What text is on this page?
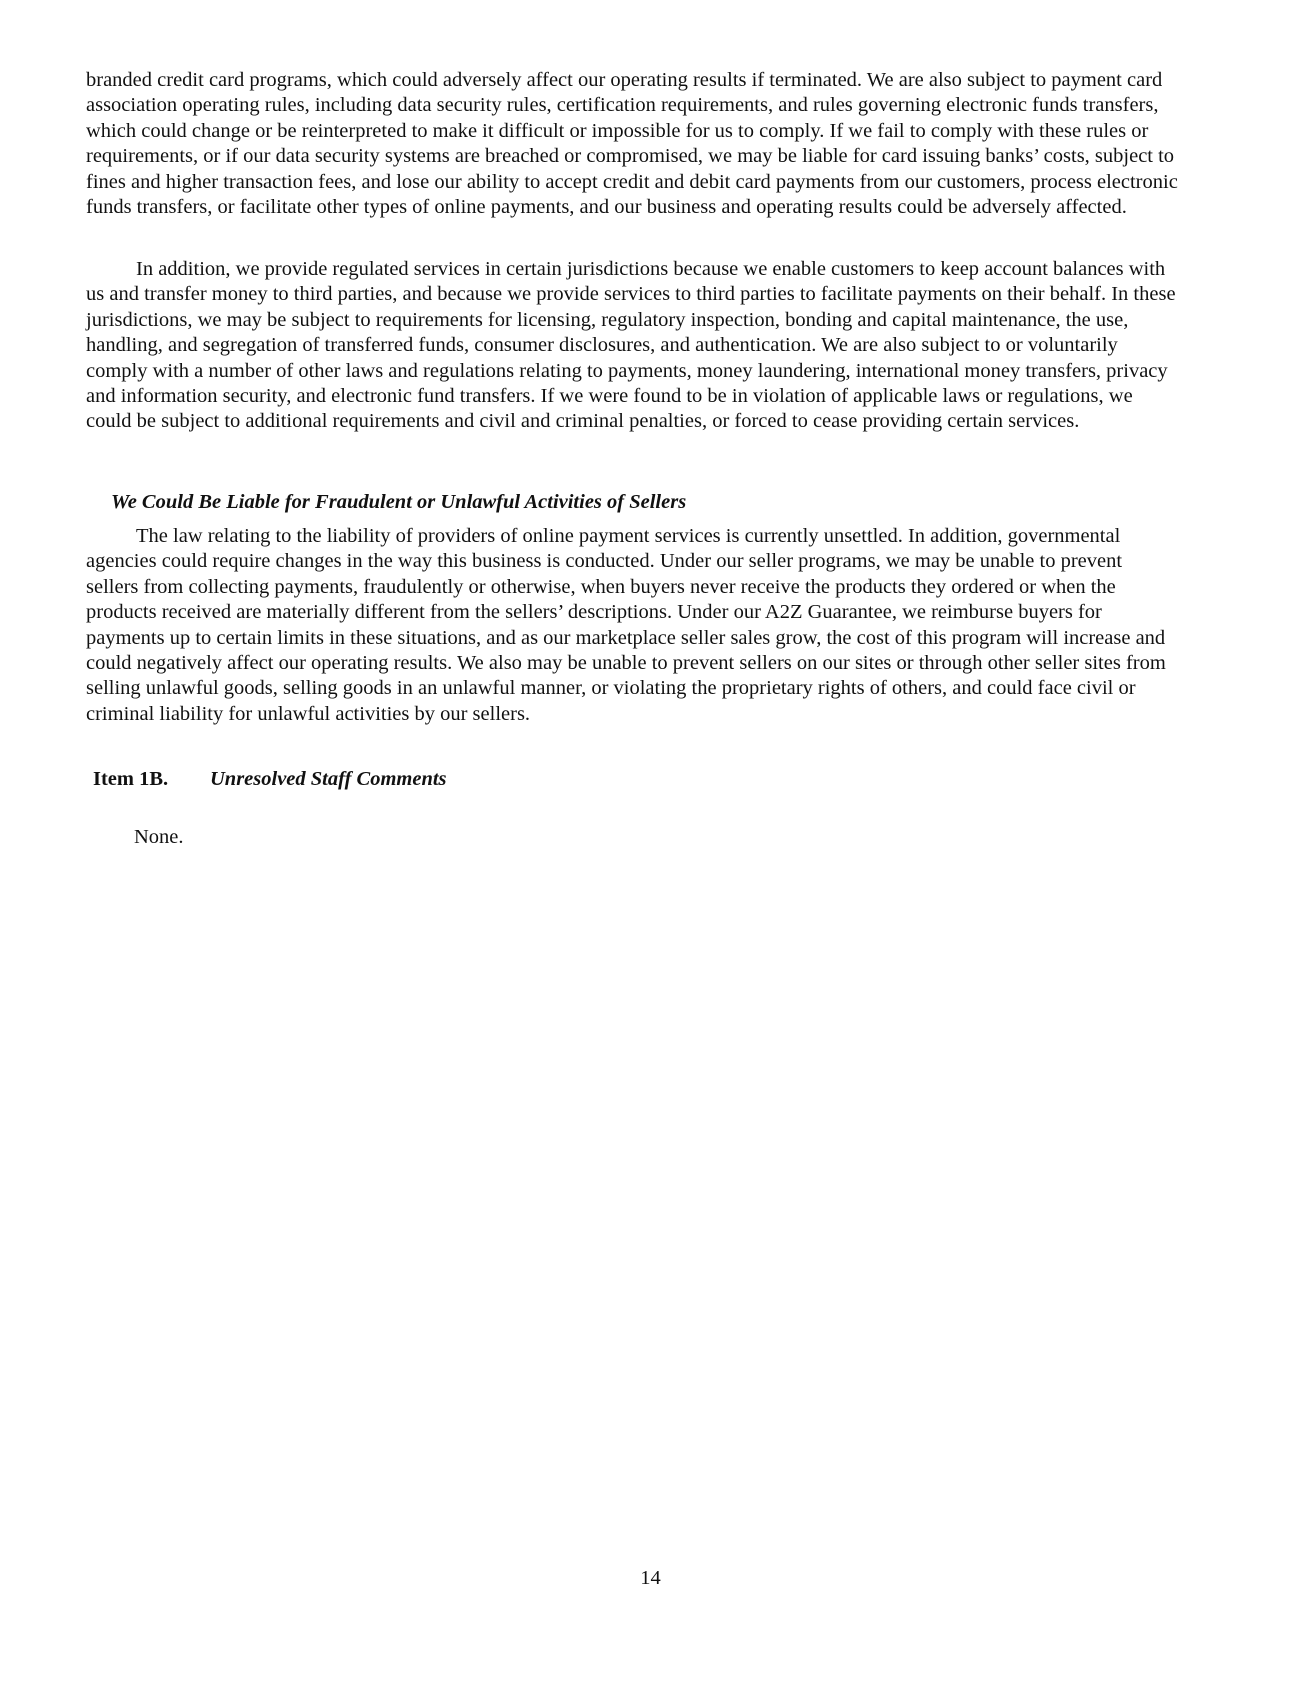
branded credit card programs, which could adversely affect our operating results if terminated. We are also subject to payment card association operating rules, including data security rules, certification requirements, and rules governing electronic funds transfers, which could change or be reinterpreted to make it difficult or impossible for us to comply. If we fail to comply with these rules or requirements, or if our data security systems are breached or compromised, we may be liable for card issuing banks’ costs, subject to fines and higher transaction fees, and lose our ability to accept credit and debit card payments from our customers, process electronic funds transfers, or facilitate other types of online payments, and our business and operating results could be adversely affected.

In addition, we provide regulated services in certain jurisdictions because we enable customers to keep account balances with us and transfer money to third parties, and because we provide services to third parties to facilitate payments on their behalf. In these jurisdictions, we may be subject to requirements for licensing, regulatory inspection, bonding and capital maintenance, the use, handling, and segregation of transferred funds, consumer disclosures, and authentication. We are also subject to or voluntarily comply with a number of other laws and regulations relating to payments, money laundering, international money transfers, privacy and information security, and electronic fund transfers. If we were found to be in violation of applicable laws or regulations, we could be subject to additional requirements and civil and criminal penalties, or forced to cease providing certain services.

We Could Be Liable for Fraudulent or Unlawful Activities of Sellers

The law relating to the liability of providers of online payment services is currently unsettled. In addition, governmental agencies could require changes in the way this business is conducted. Under our seller programs, we may be unable to prevent sellers from collecting payments, fraudulently or otherwise, when buyers never receive the products they ordered or when the products received are materially different from the sellers’ descriptions. Under our A2Z Guarantee, we reimburse buyers for payments up to certain limits in these situations, and as our marketplace seller sales grow, the cost of this program will increase and could negatively affect our operating results. We also may be unable to prevent sellers on our sites or through other seller sites from selling unlawful goods, selling goods in an unlawful manner, or violating the proprietary rights of others, and could face civil or criminal liability for unlawful activities by our sellers.

Item 1B. Unresolved Staff Comments

None.

14
